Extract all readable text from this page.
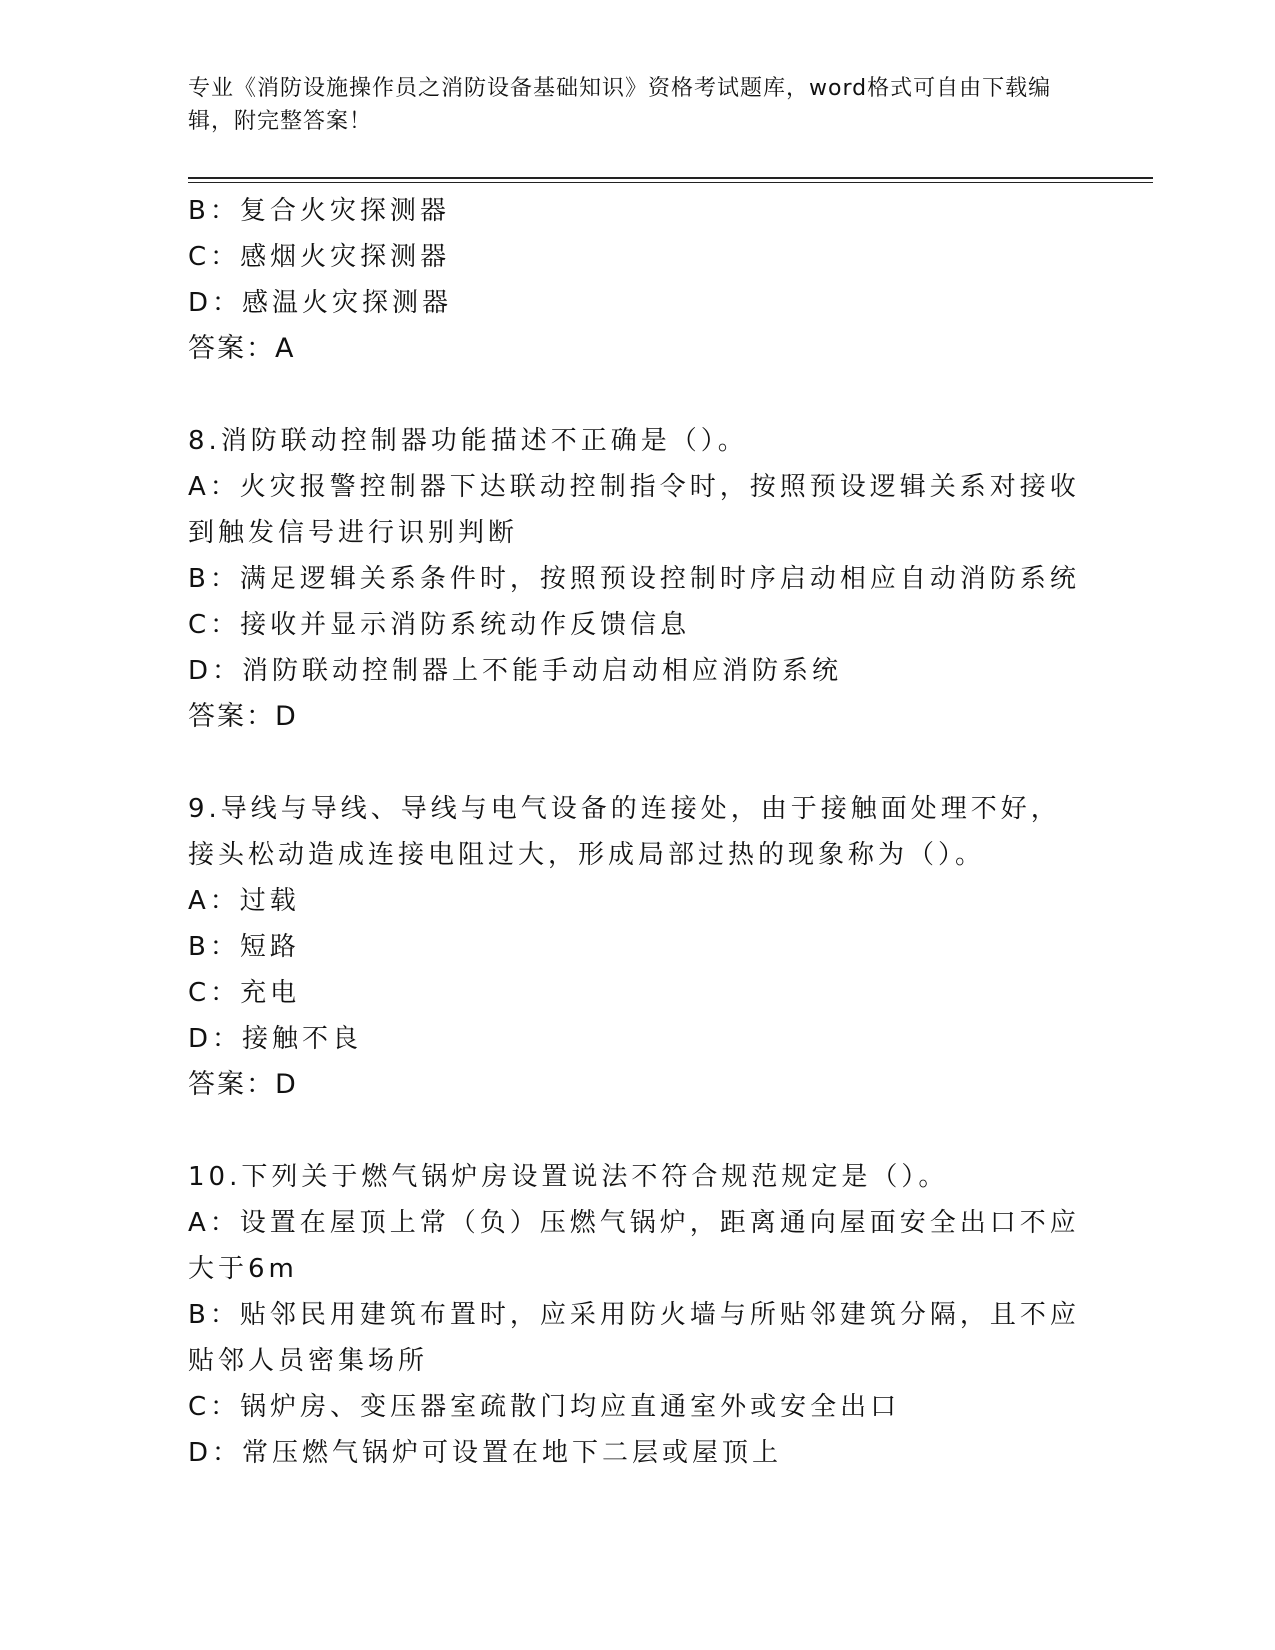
专业《消防设施操作员之消防设备基础知识》资格考试题库，word格式可自由下载编辑，附完整答案！
B：复合火灾探测器
C：感烟火灾探测器
D：感温火灾探测器
答案：A
8.消防联动控制器功能描述不正确是（）。
A：火灾报警控制器下达联动控制指令时，按照预设逻辑关系对接收到触发信号进行识别判断
B：满足逻辑关系条件时，按照预设控制时序启动相应自动消防系统
C：接收并显示消防系统动作反馈信息
D：消防联动控制器上不能手动启动相应消防系统
答案：D
9.导线与导线、导线与电气设备的连接处，由于接触面处理不好，接头松动造成连接电阻过大，形成局部过热的现象称为（）。
A：过载
B：短路
C：充电
D：接触不良
答案：D
10.下列关于燃气锅炉房设置说法不符合规范规定是（）。
A：设置在屋顶上常（负）压燃气锅炉，距离通向屋面安全出口不应大于6m
B：贴邻民用建筑布置时，应采用防火墙与所贴邻建筑分隔，且不应贴邻人员密集场所
C：锅炉房、变压器室疏散门均应直通室外或安全出口
D：常压燃气锅炉可设置在地下二层或屋顶上
